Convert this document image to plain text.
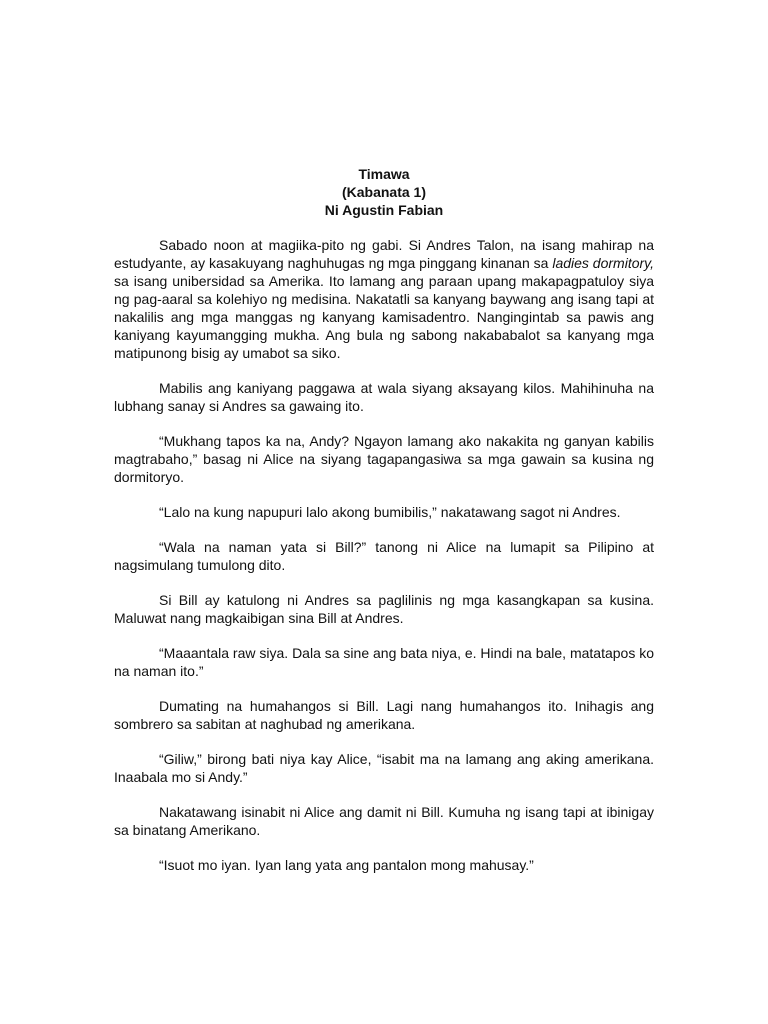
Timawa
(Kabanata 1)
Ni Agustin Fabian

Sabado noon at magiika-pito ng gabi. Si Andres Talon, na isang mahirap na estudyante, ay kasakuyang naghuhugas ng mga pinggang kinanan sa ladies dormitory, sa isang unibersidad sa Amerika. Ito lamang ang paraan upang makapagpatuloy siya ng pag-aaral sa kolehiyo ng medisina. Nakatatli sa kanyang baywang ang isang tapi at nakalilis ang mga manggas ng kanyang kamisadentro. Nangingintab sa pawis ang kaniyang kayumangging mukha. Ang bula ng sabong nakababalot sa kanyang mga matipunong bisig ay umabot sa siko.

Mabilis ang kaniyang paggawa at wala siyang aksayang kilos. Mahihinuha na lubhang sanay si Andres sa gawaing ito.

“Mukhang tapos ka na, Andy? Ngayon lamang ako nakakita ng ganyan kabilis magtrabaho,” basag ni Alice na siyang tagapangasiwa sa mga gawain sa kusina ng dormitoryo.

“Lalo na kung napupuri lalo akong bumibilis,” nakatawang sagot ni Andres.

“Wala na naman yata si Bill?” tanong ni Alice na lumapit sa Pilipino at nagsimulang tumulong dito.

Si Bill ay katulong ni Andres sa paglilinis ng mga kasangkapan sa kusina. Maluwat nang magkaibigan sina Bill at Andres.

“Maaantala raw siya. Dala sa sine ang bata niya, e. Hindi na bale, matatapos ko na naman ito.”

Dumating na humahangos si Bill. Lagi nang humahangos ito. Inihagis ang sombrero sa sabitan at naghubad ng amerikana.

“Giliw,” birong bati niya kay Alice, “isabit ma na lamang ang aking amerikana. Inaabala mo si Andy.”

Nakatawang isinabit ni Alice ang damit ni Bill. Kumuha ng isang tapi at ibinigay sa binatang Amerikano.

“Isuot mo iyan. Iyan lang yata ang pantalon mong mahusay.”
